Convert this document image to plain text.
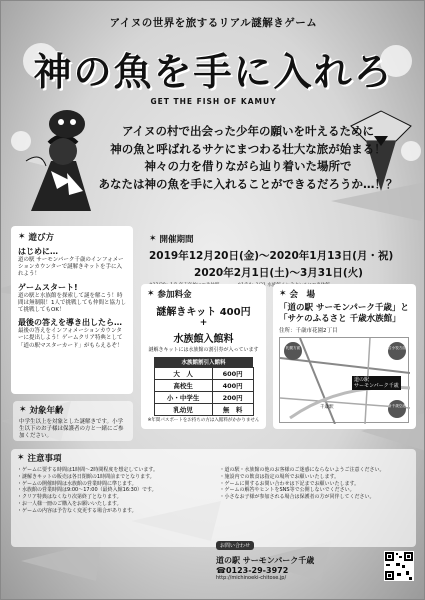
アイヌの世界を旅するリアル謎解きゲーム
神の魚を手に入れろ
GET THE FISH OF KAMUY
アイヌの村で出会った少年の願いを叶えるために
神の魚と呼ばれるサケにまつわる壮大な旅が始まる！
神々の力を借りながら辿り着いた場所で
あなたは神の魚を手に入れることができるだろうか…！？
✶ 遊び方
はじめに…
道の駅 サーモンパーク千歳のインフォメーションカウンターで謎解きキットを手に入れよう！
ゲームスタート!
道の駅と水族館を探索して謎を解こう！時間は無制限！1人で挑戦しても仲間と協力して挑戦してもOK！
最後の答えを導き出したら…
最後の答えをインフォメーションカウンターに提出しよう！ゲームクリア特典として「道の駅マスターカード」がもらえるぞ！
✶ 対象年齢
中学生以上を対象とした謎解きです。小学生以下のお子様は保護者の方と一緒にご参加ください。
✶ 開催期間
2019年12月20日(金)〜2020年1月13日(月・祝)
2020年2月1日(土)〜3月31日(火)
✶ 参加料金
謎解きキット 400円
+
水族館入館料
謎解きキットには水族館の割引券が入っています
水族館割引入館料	
大　人	600円
高校生	400円
小・中学生	200円
乳幼児	無　料
※年間パスポートをお持ちの方は入館料がかかりません
✶ 会　場
「道の駅 サーモンパーク千歳」と
「サケのふるさと 千歳水族館」
住所：千歳市花園2丁目
札幌方面	苫小牧方面
新千歳空港
千歳駅
道の駅
サーモンパーク千歳
✶ 注意事項
・ゲームに要する時間は1時間〜2時間程度を想定しています。
・謎解きキットの販売は各日閉館の1時間前までとなります。
・ゲームの開催時間は水族館の営業時間に準じます。
・水族館の営業時間は9:00〜17:00（最終入館16:30）です。
・クリア特典はなくなり次第終了となります。
・お一人様一冊のご購入をお願いいたします。
・ゲームの内容は予告なく変更する場合があります。
・道の駅・水族館の他のお客様のご迷惑にならないようご注意ください。
・施設内での飲食は指定の場所でお願いいたします。
・ゲームに関するお問い合わせは下記までお願いいたします。
・ゲームの解答やヒントをSNS等で公開しないでください。
・小さなお子様が参加される場合は保護者の方が同伴してください。
お問い合わせ
道の駅 サーモンパーク千歳
☎0123-29-3972
http://michinoeki-chitose.jp/
